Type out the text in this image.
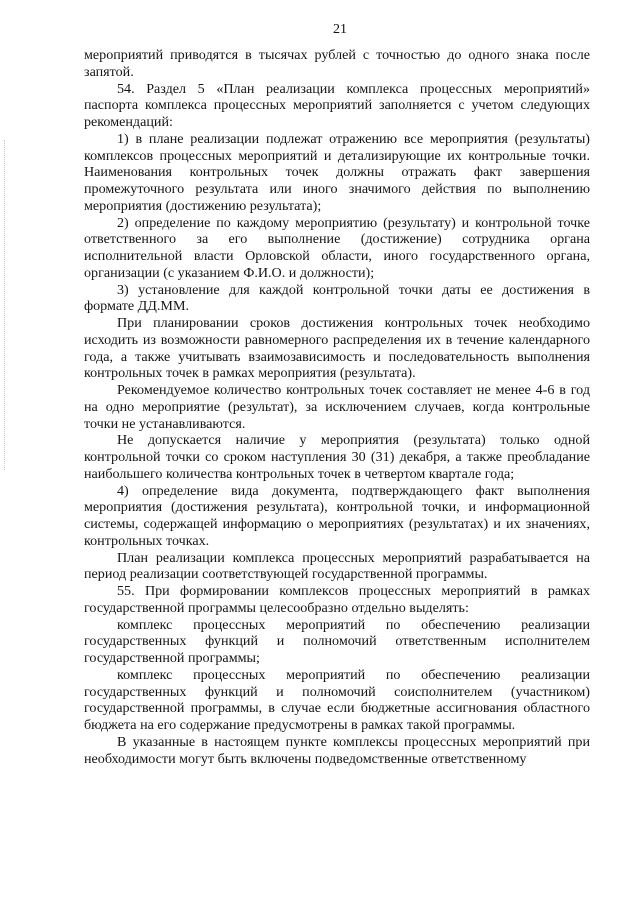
21

мероприятий приводятся в тысячах рублей с точностью до одного знака после запятой.

54. Раздел 5 «План реализации комплекса процессных мероприятий» паспорта комплекса процессных мероприятий заполняется с учетом следующих рекомендаций:

1) в плане реализации подлежат отражению все мероприятия (результаты) комплексов процессных мероприятий и детализирующие их контрольные точки. Наименования контрольных точек должны отражать факт завершения промежуточного результата или иного значимого действия по выполнению мероприятия (достижению результата);

2) определение по каждому мероприятию (результату) и контрольной точке ответственного за его выполнение (достижение) сотрудника органа исполнительной власти Орловской области, иного государственного органа, организации (с указанием Ф.И.О. и должности);

3) установление для каждой контрольной точки даты ее достижения в формате ДД.ММ.

При планировании сроков достижения контрольных точек необходимо исходить из возможности равномерного распределения их в течение календарного года, а также учитывать взаимозависимость и последовательность выполнения контрольных точек в рамках мероприятия (результата).

Рекомендуемое количество контрольных точек составляет не менее 4-6 в год на одно мероприятие (результат), за исключением случаев, когда контрольные точки не устанавливаются.

Не допускается наличие у мероприятия (результата) только одной контрольной точки со сроком наступления 30 (31) декабря, а также преобладание наибольшего количества контрольных точек в четвертом квартале года;

4) определение вида документа, подтверждающего факт выполнения мероприятия (достижения результата), контрольной точки, и информационной системы, содержащей информацию о мероприятиях (результатах) и их значениях, контрольных точках.

План реализации комплекса процессных мероприятий разрабатывается на период реализации соответствующей государственной программы.

55. При формировании комплексов процессных мероприятий в рамках государственной программы целесообразно отдельно выделять:

комплекс процессных мероприятий по обеспечению реализации государственных функций и полномочий ответственным исполнителем государственной программы;

комплекс процессных мероприятий по обеспечению реализации государственных функций и полномочий соисполнителем (участником) государственной программы, в случае если бюджетные ассигнования областного бюджета на его содержание предусмотрены в рамках такой программы.

В указанные в настоящем пункте комплексы процессных мероприятий при необходимости могут быть включены подведомственные ответственному
